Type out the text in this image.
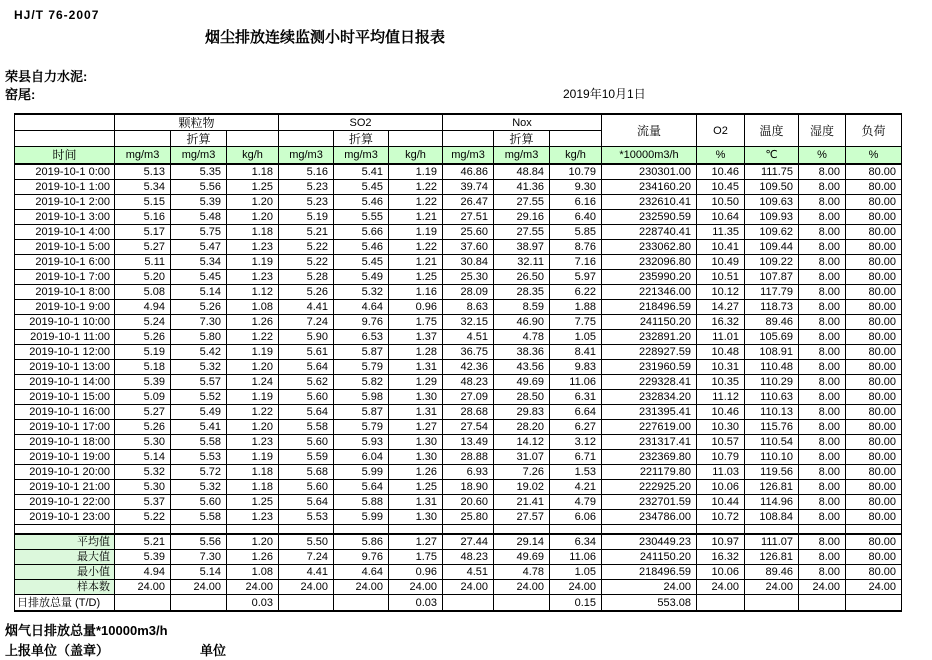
HJ/T 76-2007
烟尘排放连续监测小时平均值日报表
荣县自力水泥:
窑尾:	2019年10月1日
	颗粒物			SO2			Nox			流量	O2	温度	湿度	负荷
		折算			折算			折算						
时间	mg/m3	mg/m3	kg/h	mg/m3	mg/m3	kg/h	mg/m3	mg/m3	kg/h	*10000m3/h	%	℃	%	%
2019-10-1 0:00	5.13	5.35	1.18	5.16	5.41	1.19	46.86	48.84	10.79	230301.00	10.46	111.75	8.00	80.00
2019-10-1 1:00	5.34	5.56	1.25	5.23	5.45	1.22	39.74	41.36	9.30	234160.20	10.45	109.50	8.00	80.00
2019-10-1 2:00	5.15	5.39	1.20	5.23	5.46	1.22	26.47	27.55	6.16	232610.41	10.50	109.63	8.00	80.00
2019-10-1 3:00	5.16	5.48	1.20	5.19	5.55	1.21	27.51	29.16	6.40	232590.59	10.64	109.93	8.00	80.00
2019-10-1 4:00	5.17	5.75	1.18	5.21	5.66	1.19	25.60	27.55	5.85	228740.41	11.35	109.62	8.00	80.00
2019-10-1 5:00	5.27	5.47	1.23	5.22	5.46	1.22	37.60	38.97	8.76	233062.80	10.41	109.44	8.00	80.00
2019-10-1 6:00	5.11	5.34	1.19	5.22	5.45	1.21	30.84	32.11	7.16	232096.80	10.49	109.22	8.00	80.00
2019-10-1 7:00	5.20	5.45	1.23	5.28	5.49	1.25	25.30	26.50	5.97	235990.20	10.51	107.87	8.00	80.00
2019-10-1 8:00	5.08	5.14	1.12	5.26	5.32	1.16	28.09	28.35	6.22	221346.00	10.12	117.79	8.00	80.00
2019-10-1 9:00	4.94	5.26	1.08	4.41	4.64	0.96	8.63	8.59	1.88	218496.59	14.27	118.73	8.00	80.00
2019-10-1 10:00	5.24	7.30	1.26	7.24	9.76	1.75	32.15	46.90	7.75	241150.20	16.32	89.46	8.00	80.00
2019-10-1 11:00	5.26	5.80	1.22	5.90	6.53	1.37	4.51	4.78	1.05	232891.20	11.01	105.69	8.00	80.00
2019-10-1 12:00	5.19	5.42	1.19	5.61	5.87	1.28	36.75	38.36	8.41	228927.59	10.48	108.91	8.00	80.00
2019-10-1 13:00	5.18	5.32	1.20	5.64	5.79	1.31	42.36	43.56	9.83	231960.59	10.31	110.48	8.00	80.00
2019-10-1 14:00	5.39	5.57	1.24	5.62	5.82	1.29	48.23	49.69	11.06	229328.41	10.35	110.29	8.00	80.00
2019-10-1 15:00	5.09	5.52	1.19	5.60	5.98	1.30	27.09	28.50	6.31	232834.20	11.12	110.63	8.00	80.00
2019-10-1 16:00	5.27	5.49	1.22	5.64	5.87	1.31	28.68	29.83	6.64	231395.41	10.46	110.13	8.00	80.00
2019-10-1 17:00	5.26	5.41	1.20	5.58	5.79	1.27	27.54	28.20	6.27	227619.00	10.30	115.76	8.00	80.00
2019-10-1 18:00	5.30	5.58	1.23	5.60	5.93	1.30	13.49	14.12	3.12	231317.41	10.57	110.54	8.00	80.00
2019-10-1 19:00	5.14	5.53	1.19	5.59	6.04	1.30	28.88	31.07	6.71	232369.80	10.79	110.10	8.00	80.00
2019-10-1 20:00	5.32	5.72	1.18	5.68	5.99	1.26	6.93	7.26	1.53	221179.80	11.03	119.56	8.00	80.00
2019-10-1 21:00	5.30	5.32	1.18	5.60	5.64	1.25	18.90	19.02	4.21	222925.20	10.06	126.81	8.00	80.00
2019-10-1 22:00	5.37	5.60	1.25	5.64	5.88	1.31	20.60	21.41	4.79	232701.59	10.44	114.96	8.00	80.00
2019-10-1 23:00	5.22	5.58	1.23	5.53	5.99	1.30	25.80	27.57	6.06	234786.00	10.72	108.84	8.00	80.00

平均值	5.21	5.56	1.20	5.50	5.86	1.27	27.44	29.14	6.34	230449.23	10.97	111.07	8.00	80.00
最大值	5.39	7.30	1.26	7.24	9.76	1.75	48.23	49.69	11.06	241150.20	16.32	126.81	8.00	80.00
最小值	4.94	5.14	1.08	4.41	4.64	0.96	4.51	4.78	1.05	218496.59	10.06	89.46	8.00	80.00
样本数	24.00	24.00	24.00	24.00	24.00	24.00	24.00	24.00	24.00	24.00	24.00	24.00	24.00	24.00
日排放总量 (T/D)			0.03			0.03			0.15	553.08				
烟气日排放总量*10000m3/h
上报单位（盖章）	单位
